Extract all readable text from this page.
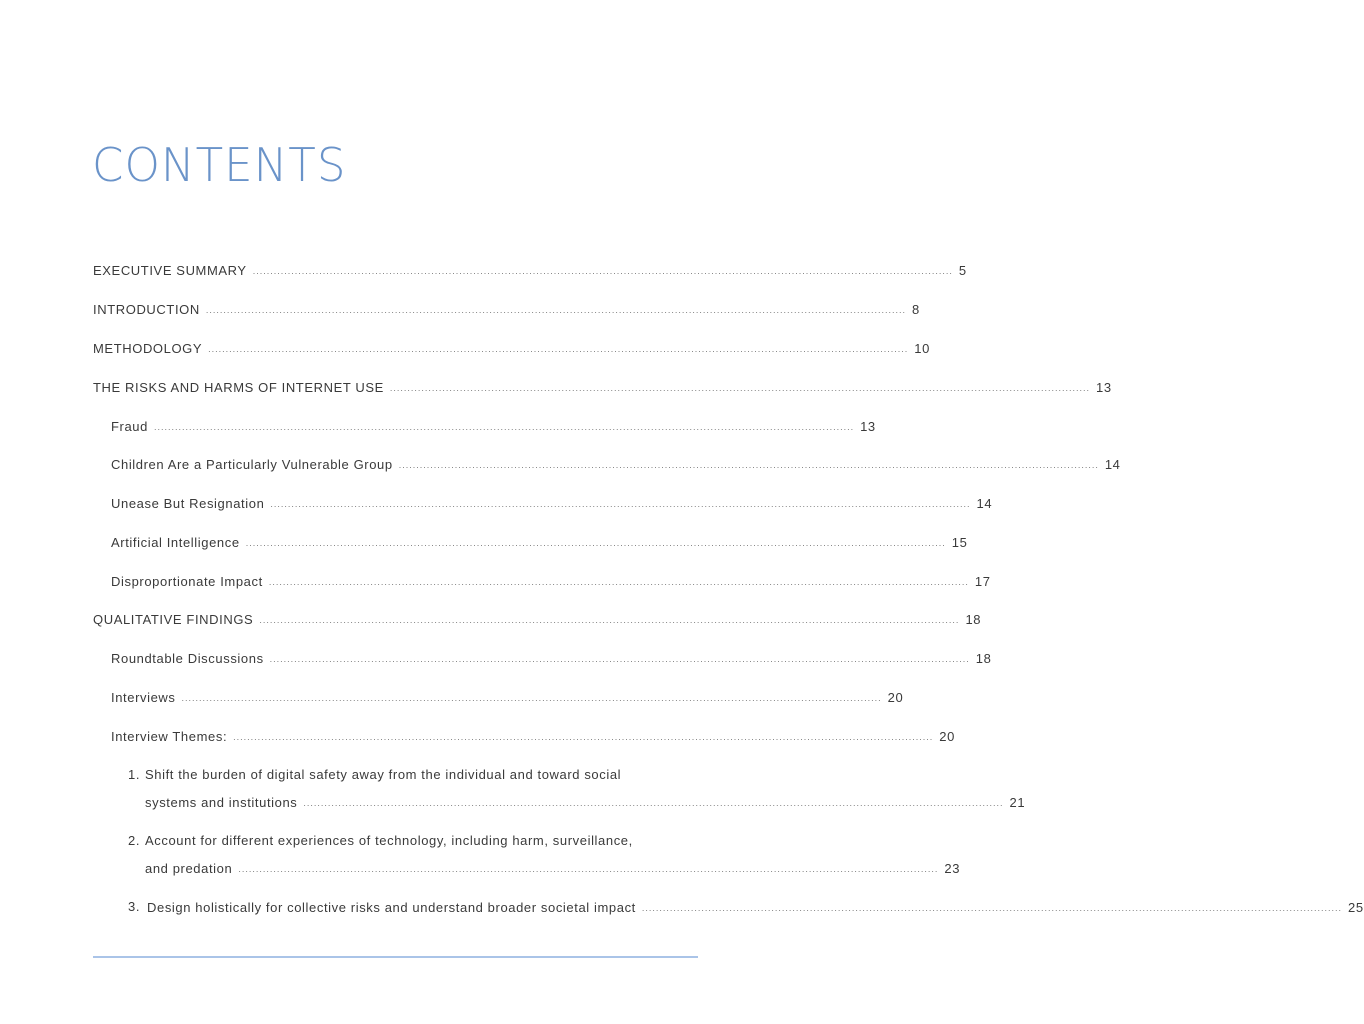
CONTENTS
EXECUTIVE SUMMARY ........................................................................................................................................................................................................ 5
INTRODUCTION ........................................................................................................................................................................................................ 8
METHODOLOGY ........................................................................................................................................................................................................ 10
THE RISKS AND HARMS OF INTERNET USE ........................................................................................................................................................................................................ 13
Fraud ........................................................................................................................................................................................................ 13
Children Are a Particularly Vulnerable Group ........................................................................................................................................................................................................ 14
Unease But Resignation ........................................................................................................................................................................................................ 14
Artificial Intelligence ........................................................................................................................................................................................................ 15
Disproportionate Impact ........................................................................................................................................................................................................ 17
QUALITATIVE FINDINGS ........................................................................................................................................................................................................ 18
Roundtable Discussions ........................................................................................................................................................................................................ 18
Interviews ........................................................................................................................................................................................................ 20
Interview Themes: ........................................................................................................................................................................................................ 20
1. Shift the burden of digital safety away from the individual and toward social
systems and institutions ........................................................................................................................................................................................................ 21
2. Account for different experiences of technology, including harm, surveillance,
and predation ........................................................................................................................................................................................................ 23
3. Design holistically for collective risks and understand broader societal impact ........................................................................................................................................................................................................ 25
